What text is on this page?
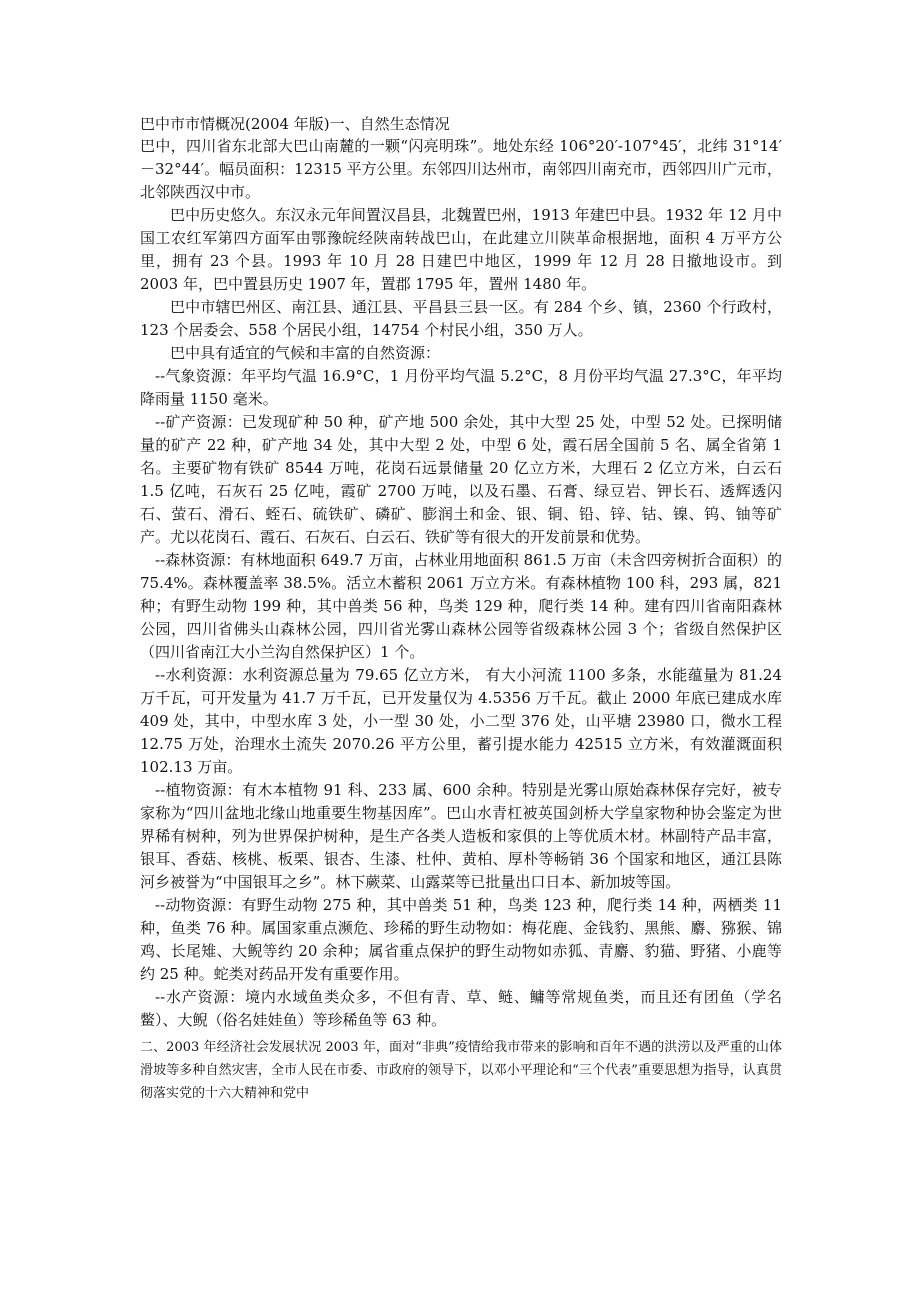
巴中市市情概况(2004 年版)一、自然生态情况

巴中，四川省东北部大巴山南麓的一颗“闪亮明珠”。地处东经 106°20′-107°45′，北纬 31°14′－32°44′。幅员面积：12315 平方公里。东邻四川达州市，南邻四川南充市，西邻四川广元市，北邻陕西汉中市。

巴中历史悠久。东汉永元年间置汉昌县，北魏置巴州，1913 年建巴中县。1932 年 12 月中国工农红军第四方面军由鄂豫皖经陕南转战巴山，在此建立川陕革命根据地，面积 4 万平方公里，拥有 23 个县。1993 年 10 月 28 日建巴中地区，1999 年 12 月 28 日撤地设市。到 2003 年，巴中置县历史 1907 年，置郡 1795 年，置州 1480 年。

巴中市辖巴州区、南江县、通江县、平昌县三县一区。有 284 个乡、镇，2360 个行政村，123 个居委会、558 个居民小组，14754 个村民小组，350 万人。

巴中具有适宜的气候和丰富的自然资源：

--气象资源：年平均气温 16.9°C，1 月份平均气温 5.2°C，8 月份平均气温 27.3°C，年平均降雨量 1150 毫米。

--矿产资源：已发现矿种 50 种，矿产地 500 余处，其中大型 25 处，中型 52 处。已探明储量的矿产 22 种，矿产地 34 处，其中大型 2 处，中型 6 处，霞石居全国前 5 名、属全省第 1 名。主要矿物有铁矿 8544 万吨，花岗石远景储量 20 亿立方米，大理石 2 亿立方米，白云石 1.5 亿吨，石灰石 25 亿吨，霞矿 2700 万吨，以及石墨、石膏、绿豆岩、钾长石、透辉透闪石、萤石、滑石、蛭石、硫铁矿、磷矿、膨润土和金、银、铜、铅、锌、钴、镍、钨、铀等矿产。尤以花岗石、霞石、石灰石、白云石、铁矿等有很大的开发前景和优势。

--森林资源：有林地面积 649.7 万亩，占林业用地面积 861.5 万亩（未含四旁树折合面积）的 75.4%。森林覆盖率 38.5%。活立木蓄积 2061 万立方米。有森林植物 100 科，293 属，821 种；有野生动物 199 种，其中兽类 56 种，鸟类 129 种，爬行类 14 种。建有四川省南阳森林公园，四川省佛头山森林公园，四川省光雾山森林公园等省级森林公园 3 个；省级自然保护区（四川省南江大小兰沟自然保护区）1 个。

--水利资源：水利资源总量为 79.65 亿立方米， 有大小河流 1100 多条，水能蕴量为 81.24 万千瓦，可开发量为 41.7 万千瓦，已开发量仅为 4.5356 万千瓦。截止 2000 年底已建成水库 409 处，其中，中型水库 3 处，小一型 30 处，小二型 376 处，山平塘 23980 口，微水工程 12.75 万处，治理水土流失 2070.26 平方公里，蓄引提水能力 42515 立方米，有效灌溉面积 102.13 万亩。

--植物资源：有木本植物 91 科、233 属、600 余种。特别是光雾山原始森林保存完好，被专家称为“四川盆地北缘山地重要生物基因库”。巴山水青杠被英国剑桥大学皇家物种协会鉴定为世界稀有树种，列为世界保护树种，是生产各类人造板和家俱的上等优质木材。林副特产品丰富，银耳、香菇、核桃、板栗、银杏、生漆、杜仲、黄柏、厚朴等畅销 36 个国家和地区，通江县陈河乡被誉为“中国银耳之乡”。林下蕨菜、山露菜等已批量出口日本、新加坡等国。

--动物资源：有野生动物 275 种，其中兽类 51 种，鸟类 123 种，爬行类 14 种，两栖类 11 种，鱼类 76 种。属国家重点濒危、珍稀的野生动物如：梅花鹿、金钱豹、黑熊、麝、猕猴、锦鸡、长尾雉、大鲵等约 20 余种；属省重点保护的野生动物如赤狐、青麝、豹猫、野猪、小鹿等约 25 种。蛇类对药品开发有重要作用。

--水产资源：境内水域鱼类众多，不但有青、草、鲢、鳙等常规鱼类，而且还有团鱼（学名鳖）、大鲵（俗名娃娃鱼）等珍稀鱼等 63 种。

二、2003 年经济社会发展状况 2003 年，面对“非典”疫情给我市带来的影响和百年不遇的洪涝以及严重的山体滑坡等多种自然灾害，全市人民在市委、市政府的领导下，以邓小平理论和“三个代表”重要思想为指导，认真贯彻落实党的十六大精神和党中
